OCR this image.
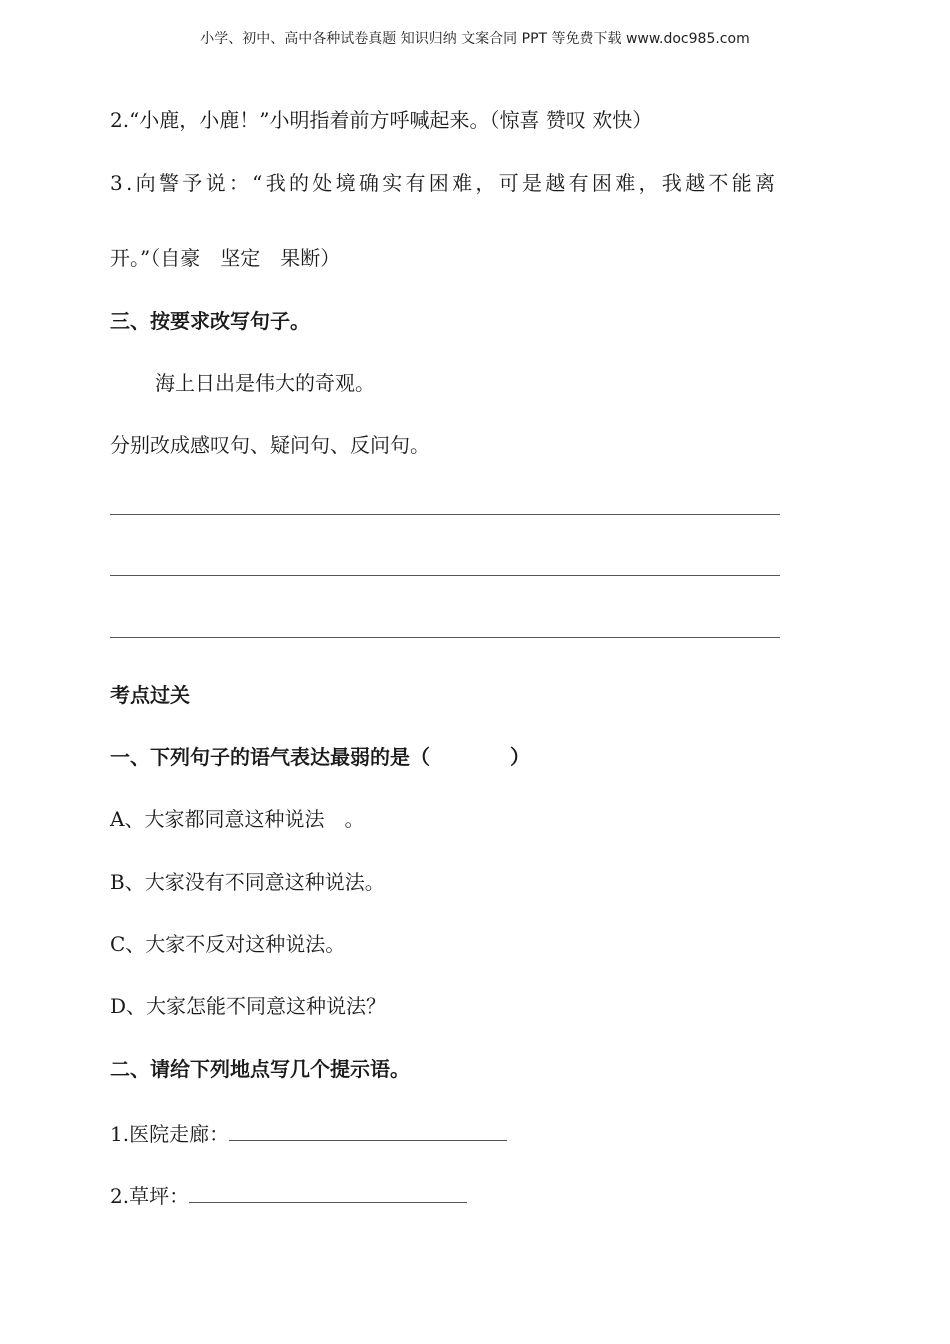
小学、初中、高中各种试卷真题 知识归纳 文案合同 PPT 等免费下载 www.doc985.com
2.“小鹿，小鹿！”小明指着前方呼喊起来。（惊喜 赞叹 欢快）
3.向警予说：“我的处境确实有困难，可是越有困难，我越不能离
开。”（自豪　坚定　果断）
三、按要求改写句子。
海上日出是伟大的奇观。
分别改成感叹句、疑问句、反问句。
考点过关
一、下列句子的语气表达最弱的是（　　　　）
A、大家都同意这种说法　。
B、大家没有不同意这种说法。
C、大家不反对这种说法。
D、大家怎能不同意这种说法？
二、请给下列地点写几个提示语。
1.医院走廊：
2.草坪：
